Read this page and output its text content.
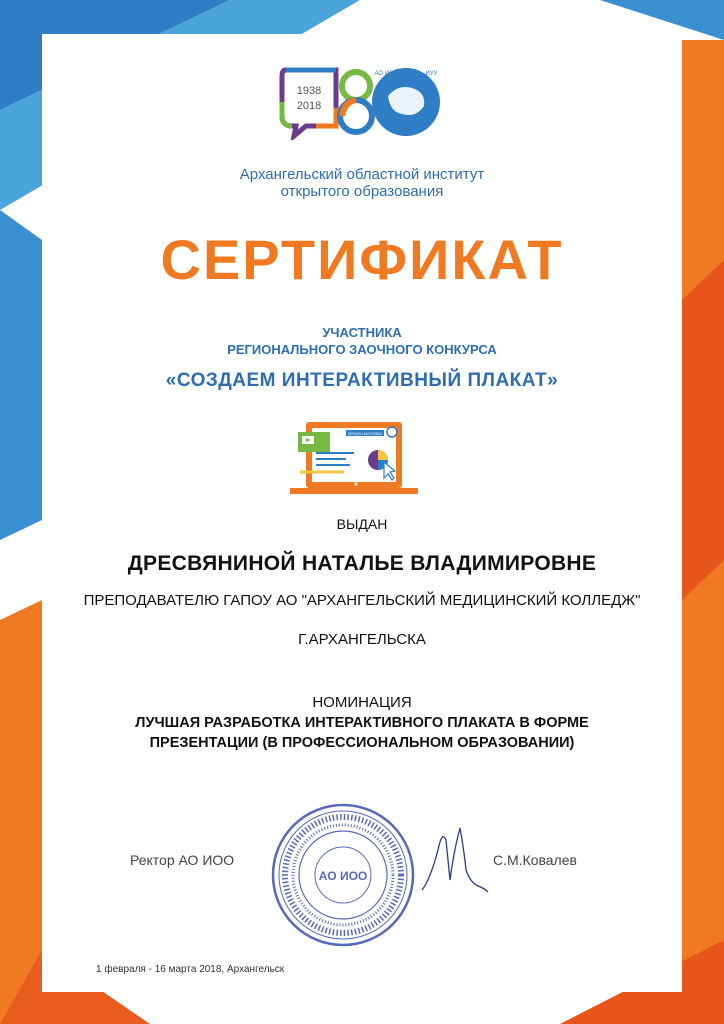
1938
2018
АО ИОО · ИППК · ИУУ
Архангельский областной институт
открытого образования
СЕРТИФИКАТ
УЧАСТНИКА
РЕГИОНАЛЬНОГО ЗАОЧНОГО КОНКУРСА
«СОЗДАЕМ ИНТЕРАКТИВНЫЙ ПЛАКАТ»
ОБРАЗЕЦ ЗАГОЛОВКА
ВЫДАН
ДРЕСВЯНИНОЙ НАТАЛЬЕ ВЛАДИМИРОВНЕ
ПРЕПОДАВАТЕЛЮ ГАПОУ АО "АРХАНГЕЛЬСКИЙ МЕДИЦИНСКИЙ КОЛЛЕДЖ"
Г.АРХАНГЕЛЬСКА
НОМИНАЦИЯ
ЛУЧШАЯ РАЗРАБОТКА ИНТЕРАКТИВНОГО ПЛАКАТА В ФОРМЕ ПРЕЗЕНТАЦИИ (В ПРОФЕССИОНАЛЬНОМ ОБРАЗОВАНИИ)
Ректор АО ИОО	С.М.Ковалев
АО ИОО
1 февраля - 16 марта 2018, Архангельск
